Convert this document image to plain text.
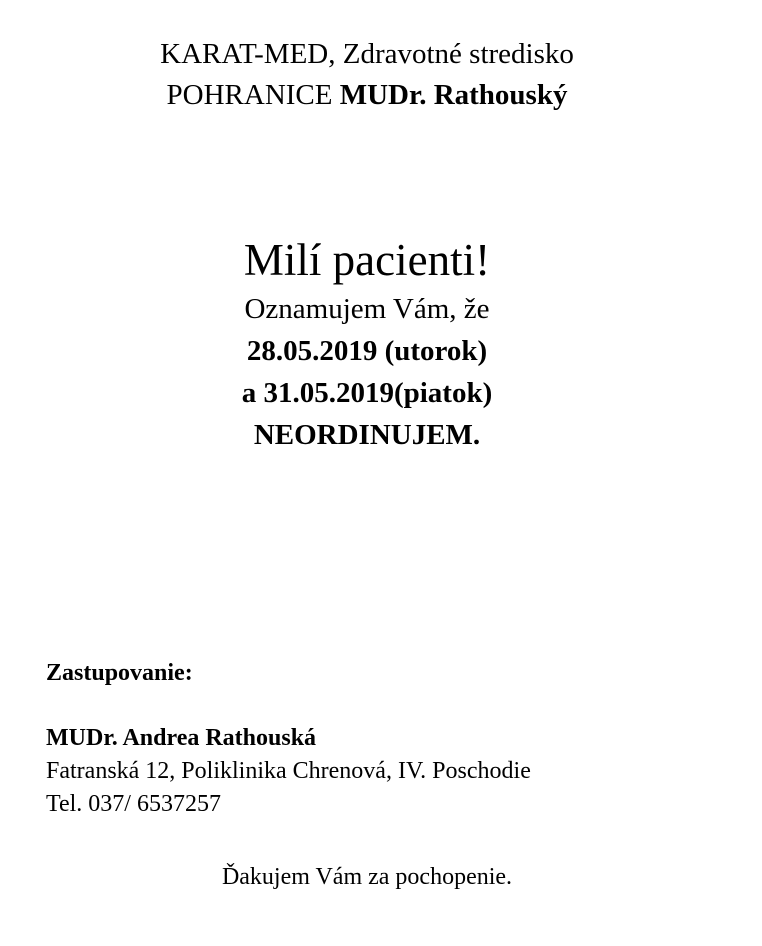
KARAT-MED, Zdravotné stredisko
POHRANICE MUDr. Rathouský
Milí pacienti!
Oznamujem Vám, že
28.05.2019 (utorok)
a 31.05.2019(piatok)
NEORDINUJEM.
Zastupovanie:
MUDr. Andrea Rathouská
Fatranská 12, Poliklinika Chrenová, IV. Poschodie
Tel. 037/ 6537257
Ďakujem Vám za pochopenie.
